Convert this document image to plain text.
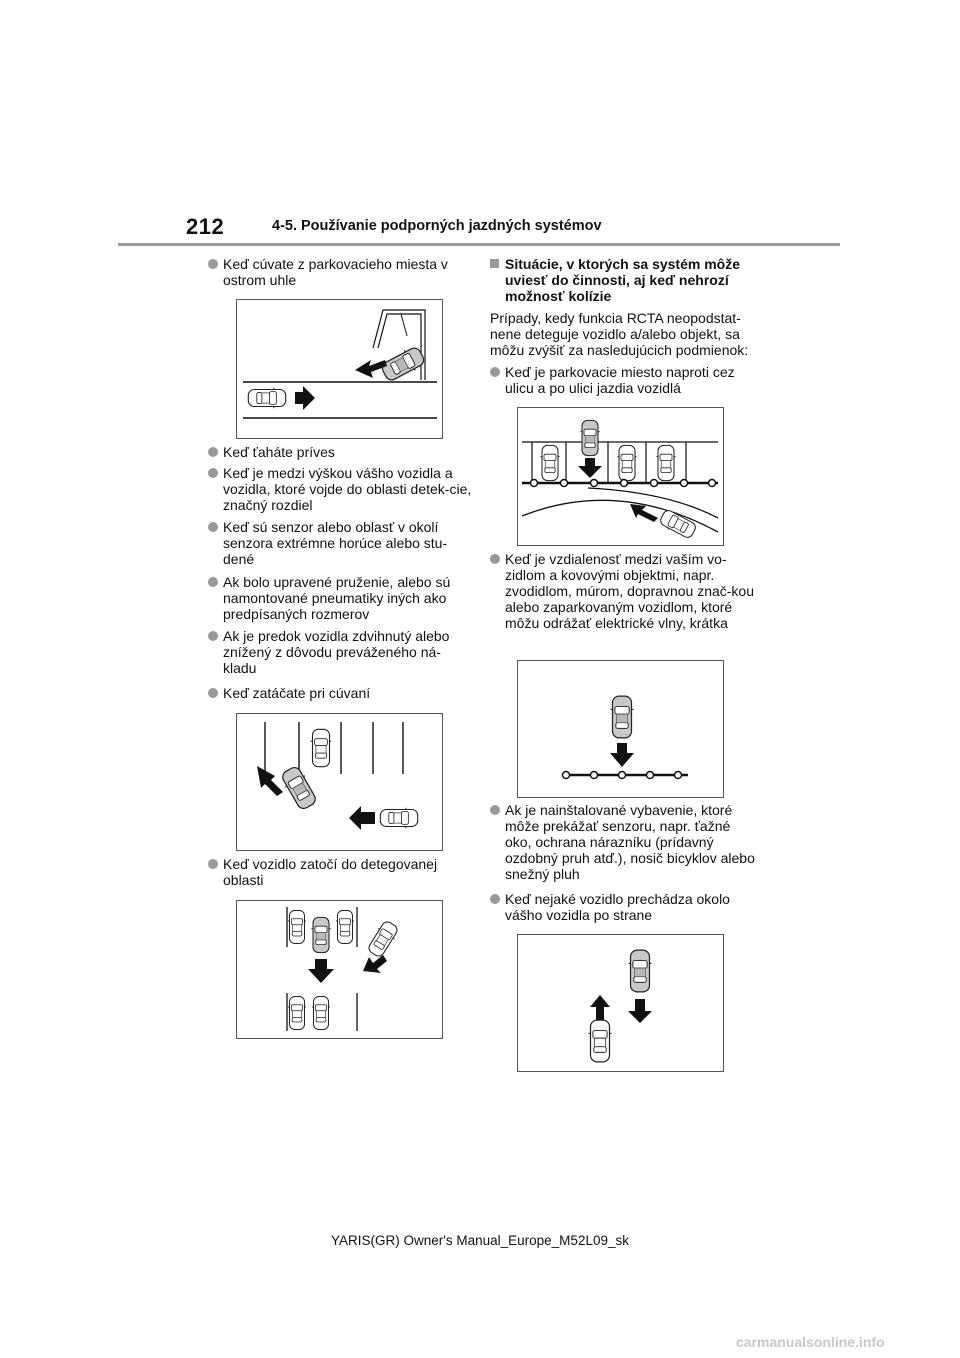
212	4-5. Používanie podporných jazdných systémov
Keď cúvate z parkovacieho miesta v ostrom uhle
Keď ťaháte príves
Keď je medzi výškou vášho vozidla a vozidla, ktoré vojde do oblasti detek-cie, značný rozdiel
Keď sú senzor alebo oblasť v okolí senzora extrémne horúce alebo stu-dené
Ak bolo upravené pruženie, alebo sú namontované pneumatiky iných ako predpísaných rozmerov
Ak je predok vozidla zdvihnutý alebo znížený z dôvodu preváženého ná-kladu
Keď zatáčate pri cúvaní
Keď vozidlo zatočí do detegovanej oblasti
Situácie, v ktorých sa systém môže uviesť do činnosti, aj keď nehrozí možnosť kolízie
Prípady, kedy funkcia RCTA neopodstat-nene deteguje vozidlo a/alebo objekt, sa môžu zvýšiť za nasledujúcich podmienok:
Keď je parkovacie miesto naproti cez ulicu a po ulici jazdia vozidlá
Keď je vzdialenosť medzi vaším vo-zidlom a kovovými objektmi, napr. zvodidlom, múrom, dopravnou znač-kou alebo zaparkovaným vozidlom, ktoré môžu odrážať elektrické vlny, krátka
Ak je nainštalované vybavenie, ktoré môže prekážať senzoru, napr. ťažné oko, ochrana nárazníku (prídavný ozdobný pruh atď.), nosič bicyklov alebo snežný pluh
Keď nejaké vozidlo prechádza okolo vášho vozidla po strane
YARIS(GR) Owner's Manual_Europe_M52L09_sk
carmanualsonline.info
